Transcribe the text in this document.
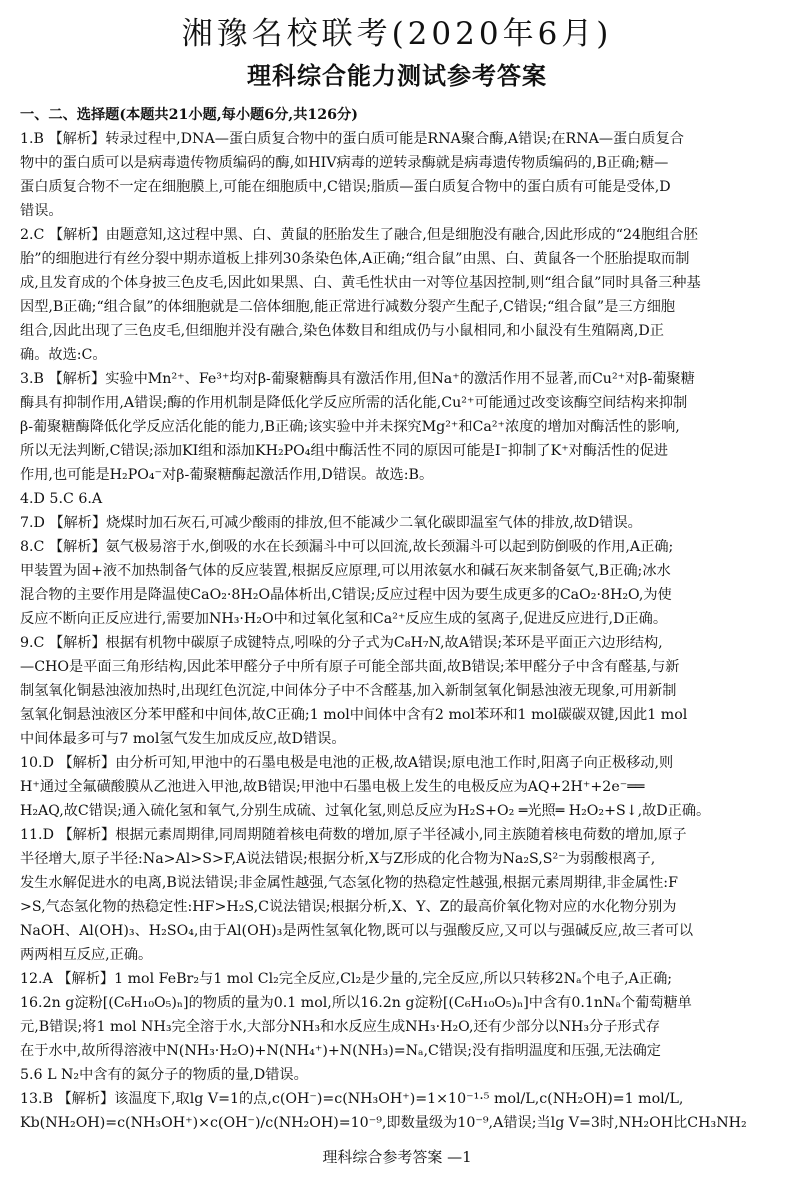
湘豫名校联考(2020年6月)
理科综合能力测试参考答案
一、二、选择题(本题共21小题,每小题6分,共126分)
1.B 【解析】转录过程中,DNA—蛋白质复合物中的蛋白质可能是RNA聚合酶,A错误;在RNA—蛋白质复合
物中的蛋白质可以是病毒遗传物质编码的酶,如HIV病毒的逆转录酶就是病毒遗传物质编码的,B正确;糖—
蛋白质复合物不一定在细胞膜上,可能在细胞质中,C错误;脂质—蛋白质复合物中的蛋白质有可能是受体,D
错误。
2.C 【解析】由题意知,这过程中黑、白、黄鼠的胚胎发生了融合,但是细胞没有融合,因此形成的“24胞组合胚
胎”的细胞进行有丝分裂中期赤道板上排列30条染色体,A正确;“组合鼠”由黑、白、黄鼠各一个胚胎提取而制
成,且发育成的个体身披三色皮毛,因此如果黑、白、黄毛性状由一对等位基因控制,则“组合鼠”同时具备三种基
因型,B正确;“组合鼠”的体细胞就是二倍体细胞,能正常进行减数分裂产生配子,C错误;“组合鼠”是三方细胞
组合,因此出现了三色皮毛,但细胞并没有融合,染色体数目和组成仍与小鼠相同,和小鼠没有生殖隔离,D正
确。故选:C。
3.B 【解析】实验中Mn²⁺、Fe³⁺均对β-葡聚糖酶具有激活作用,但Na⁺的激活作用不显著,而Cu²⁺对β-葡聚糖
酶具有抑制作用,A错误;酶的作用机制是降低化学反应所需的活化能,Cu²⁺可能通过改变该酶空间结构来抑制
β-葡聚糖酶降低化学反应活化能的能力,B正确;该实验中并未探究Mg²⁺和Ca²⁺浓度的增加对酶活性的影响,
所以无法判断,C错误;添加KI组和添加KH₂PO₄组中酶活性不同的原因可能是I⁻抑制了K⁺对酶活性的促进
作用,也可能是H₂PO₄⁻对β-葡聚糖酶起激活作用,D错误。故选:B。
4.D 5.C 6.A
7.D 【解析】烧煤时加石灰石,可减少酸雨的排放,但不能减少二氧化碳即温室气体的排放,故D错误。
8.C 【解析】氨气极易溶于水,倒吸的水在长颈漏斗中可以回流,故长颈漏斗可以起到防倒吸的作用,A正确;
甲装置为固+液不加热制备气体的反应装置,根据反应原理,可以用浓氨水和碱石灰来制备氨气,B正确;冰水
混合物的主要作用是降温使CaO₂·8H₂O晶体析出,C错误;反应过程中因为要生成更多的CaO₂·8H₂O,为使
反应不断向正反应进行,需要加NH₃·H₂O中和过氧化氢和Ca²⁺反应生成的氢离子,促进反应进行,D正确。
9.C 【解析】根据有机物中碳原子成键特点,吲哚的分子式为C₈H₇N,故A错误;苯环是平面正六边形结构,
—CHO是平面三角形结构,因此苯甲醛分子中所有原子可能全部共面,故B错误;苯甲醛分子中含有醛基,与新
制氢氧化铜悬浊液加热时,出现红色沉淀,中间体分子中不含醛基,加入新制氢氧化铜悬浊液无现象,可用新制
氢氧化铜悬浊液区分苯甲醛和中间体,故C正确;1 mol中间体中含有2 mol苯环和1 mol碳碳双键,因此1 mol
中间体最多可与7 mol氢气发生加成反应,故D错误。
10.D 【解析】由分析可知,甲池中的石墨电极是电池的正极,故A错误;原电池工作时,阳离子向正极移动,则
H⁺通过全氟磺酸膜从乙池进入甲池,故B错误;甲池中石墨电极上发生的电极反应为AQ+2H⁺+2e⁻══
H₂AQ,故C错误;通入硫化氢和氧气,分别生成硫、过氧化氢,则总反应为H₂S+O₂ ═光照═ H₂O₂+S↓,故D正确。
11.D 【解析】根据元素周期律,同周期随着核电荷数的增加,原子半径减小,同主族随着核电荷数的增加,原子
半径增大,原子半径:Na>Al>S>F,A说法错误;根据分析,X与Z形成的化合物为Na₂S,S²⁻为弱酸根离子,
发生水解促进水的电离,B说法错误;非金属性越强,气态氢化物的热稳定性越强,根据元素周期律,非金属性:F
>S,气态氢化物的热稳定性:HF>H₂S,C说法错误;根据分析,X、Y、Z的最高价氧化物对应的水化物分别为
NaOH、Al(OH)₃、H₂SO₄,由于Al(OH)₃是两性氢氧化物,既可以与强酸反应,又可以与强碱反应,故三者可以
两两相互反应,正确。
12.A 【解析】1 mol FeBr₂与1 mol Cl₂完全反应,Cl₂是少量的,完全反应,所以只转移2Nₐ个电子,A正确;
16.2n g淀粉[(C₆H₁₀O₅)ₙ]的物质的量为0.1 mol,所以16.2n g淀粉[(C₆H₁₀O₅)ₙ]中含有0.1nNₐ个葡萄糖单
元,B错误;将1 mol NH₃完全溶于水,大部分NH₃和水反应生成NH₃·H₂O,还有少部分以NH₃分子形式存
在于水中,故所得溶液中N(NH₃·H₂O)+N(NH₄⁺)+N(NH₃)=Nₐ,C错误;没有指明温度和压强,无法确定
5.6 L N₂中含有的氮分子的物质的量,D错误。
13.B 【解析】该温度下,取lg V=1的点,c(OH⁻)=c(NH₃OH⁺)=1×10⁻¹·⁵ mol/L,c(NH₂OH)=1 mol/L,
Kb(NH₂OH)=c(NH₃OH⁺)×c(OH⁻)/c(NH₂OH)=10⁻⁹,即数量级为10⁻⁹,A错误;当lg V=3时,NH₂OH比CH₃NH₂
理科综合参考答案 —1
